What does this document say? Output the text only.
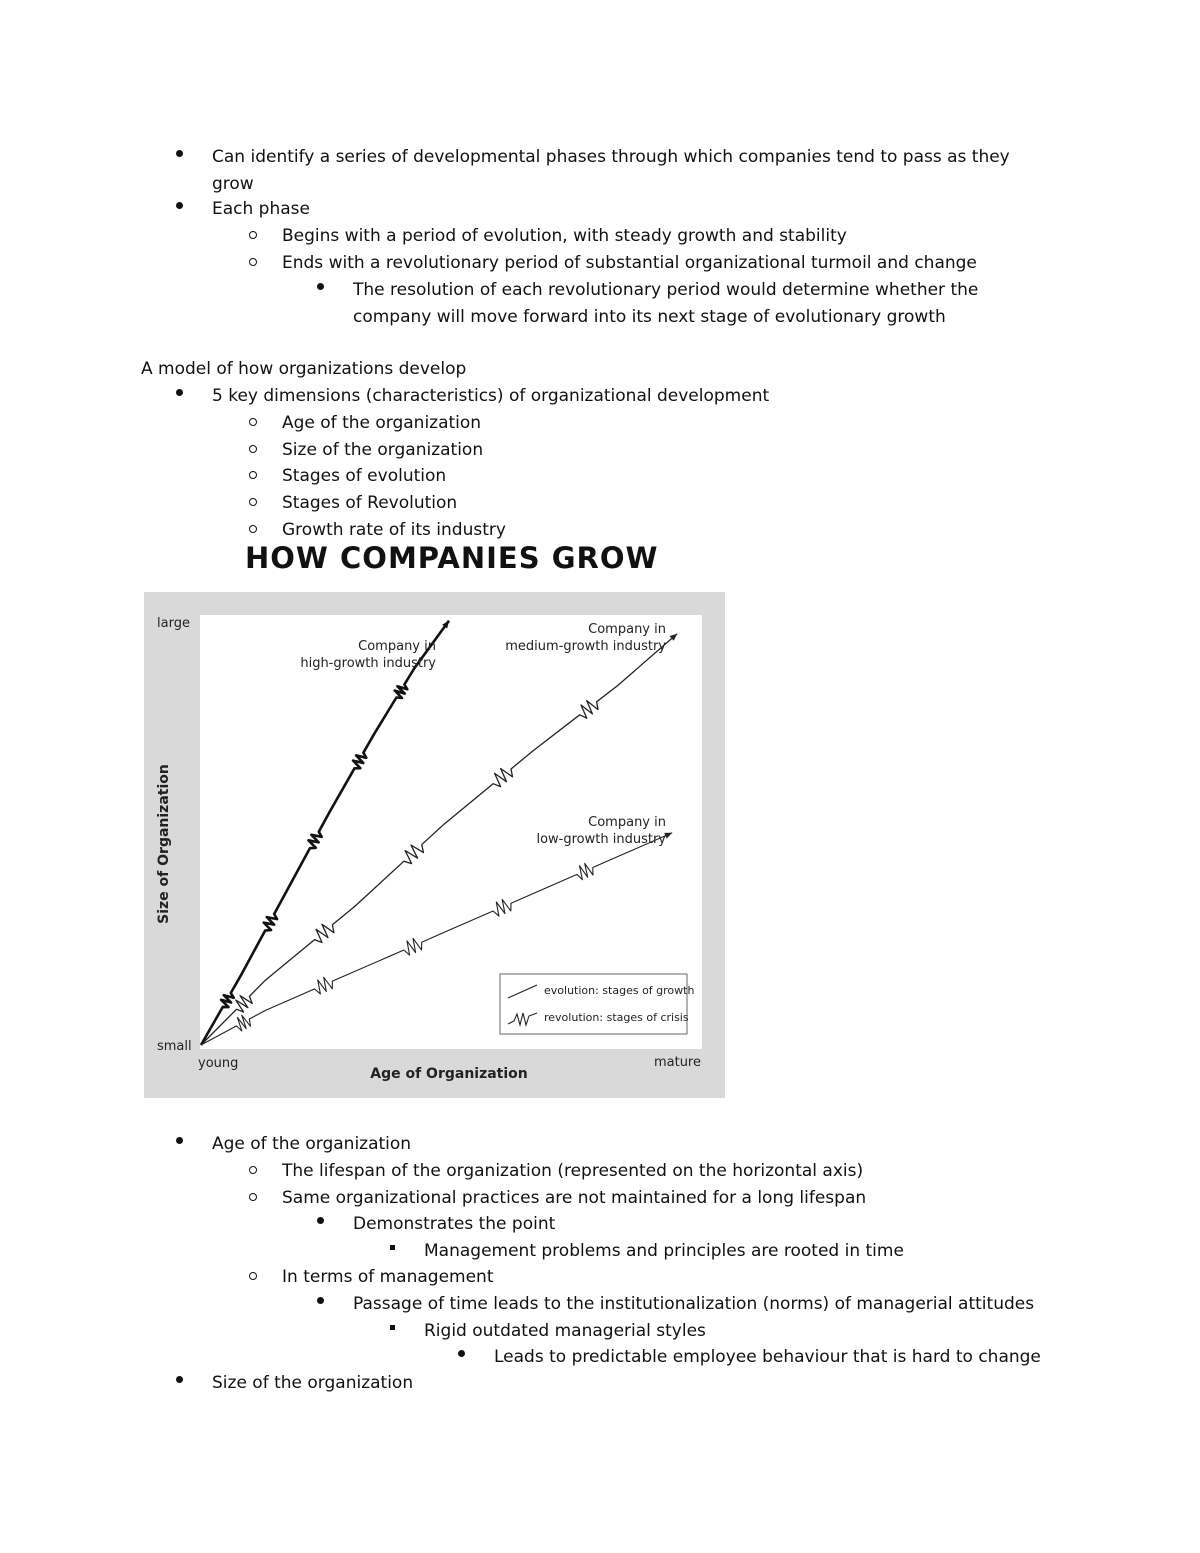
Can identify a series of developmental phases through which companies tend to pass as they
grow
Each phase
Begins with a period of evolution, with steady growth and stability
Ends with a revolutionary period of substantial organizational turmoil and change
The resolution of each revolutionary period would determine whether the
company will move forward into its next stage of evolutionary growth
A model of how organizations develop
5 key dimensions (characteristics) of organizational development
Age of the organization
Size of the organization
Stages of evolution
Stages of Revolution
Growth rate of its industry
HOW COMPANIES GROW
large
small
young	mature
Age of Organization
Size of Organization
Company in
high-growth industry
Company in
medium-growth industry
Company in
low-growth industry
evolution: stages of growth
revolution: stages of crisis
Age of the organization
The lifespan of the organization (represented on the horizontal axis)
Same organizational practices are not maintained for a long lifespan
Demonstrates the point
Management problems and principles are rooted in time
In terms of management
Passage of time leads to the institutionalization (norms) of managerial attitudes
Rigid outdated managerial styles
Leads to predictable employee behaviour that is hard to change
Size of the organization
